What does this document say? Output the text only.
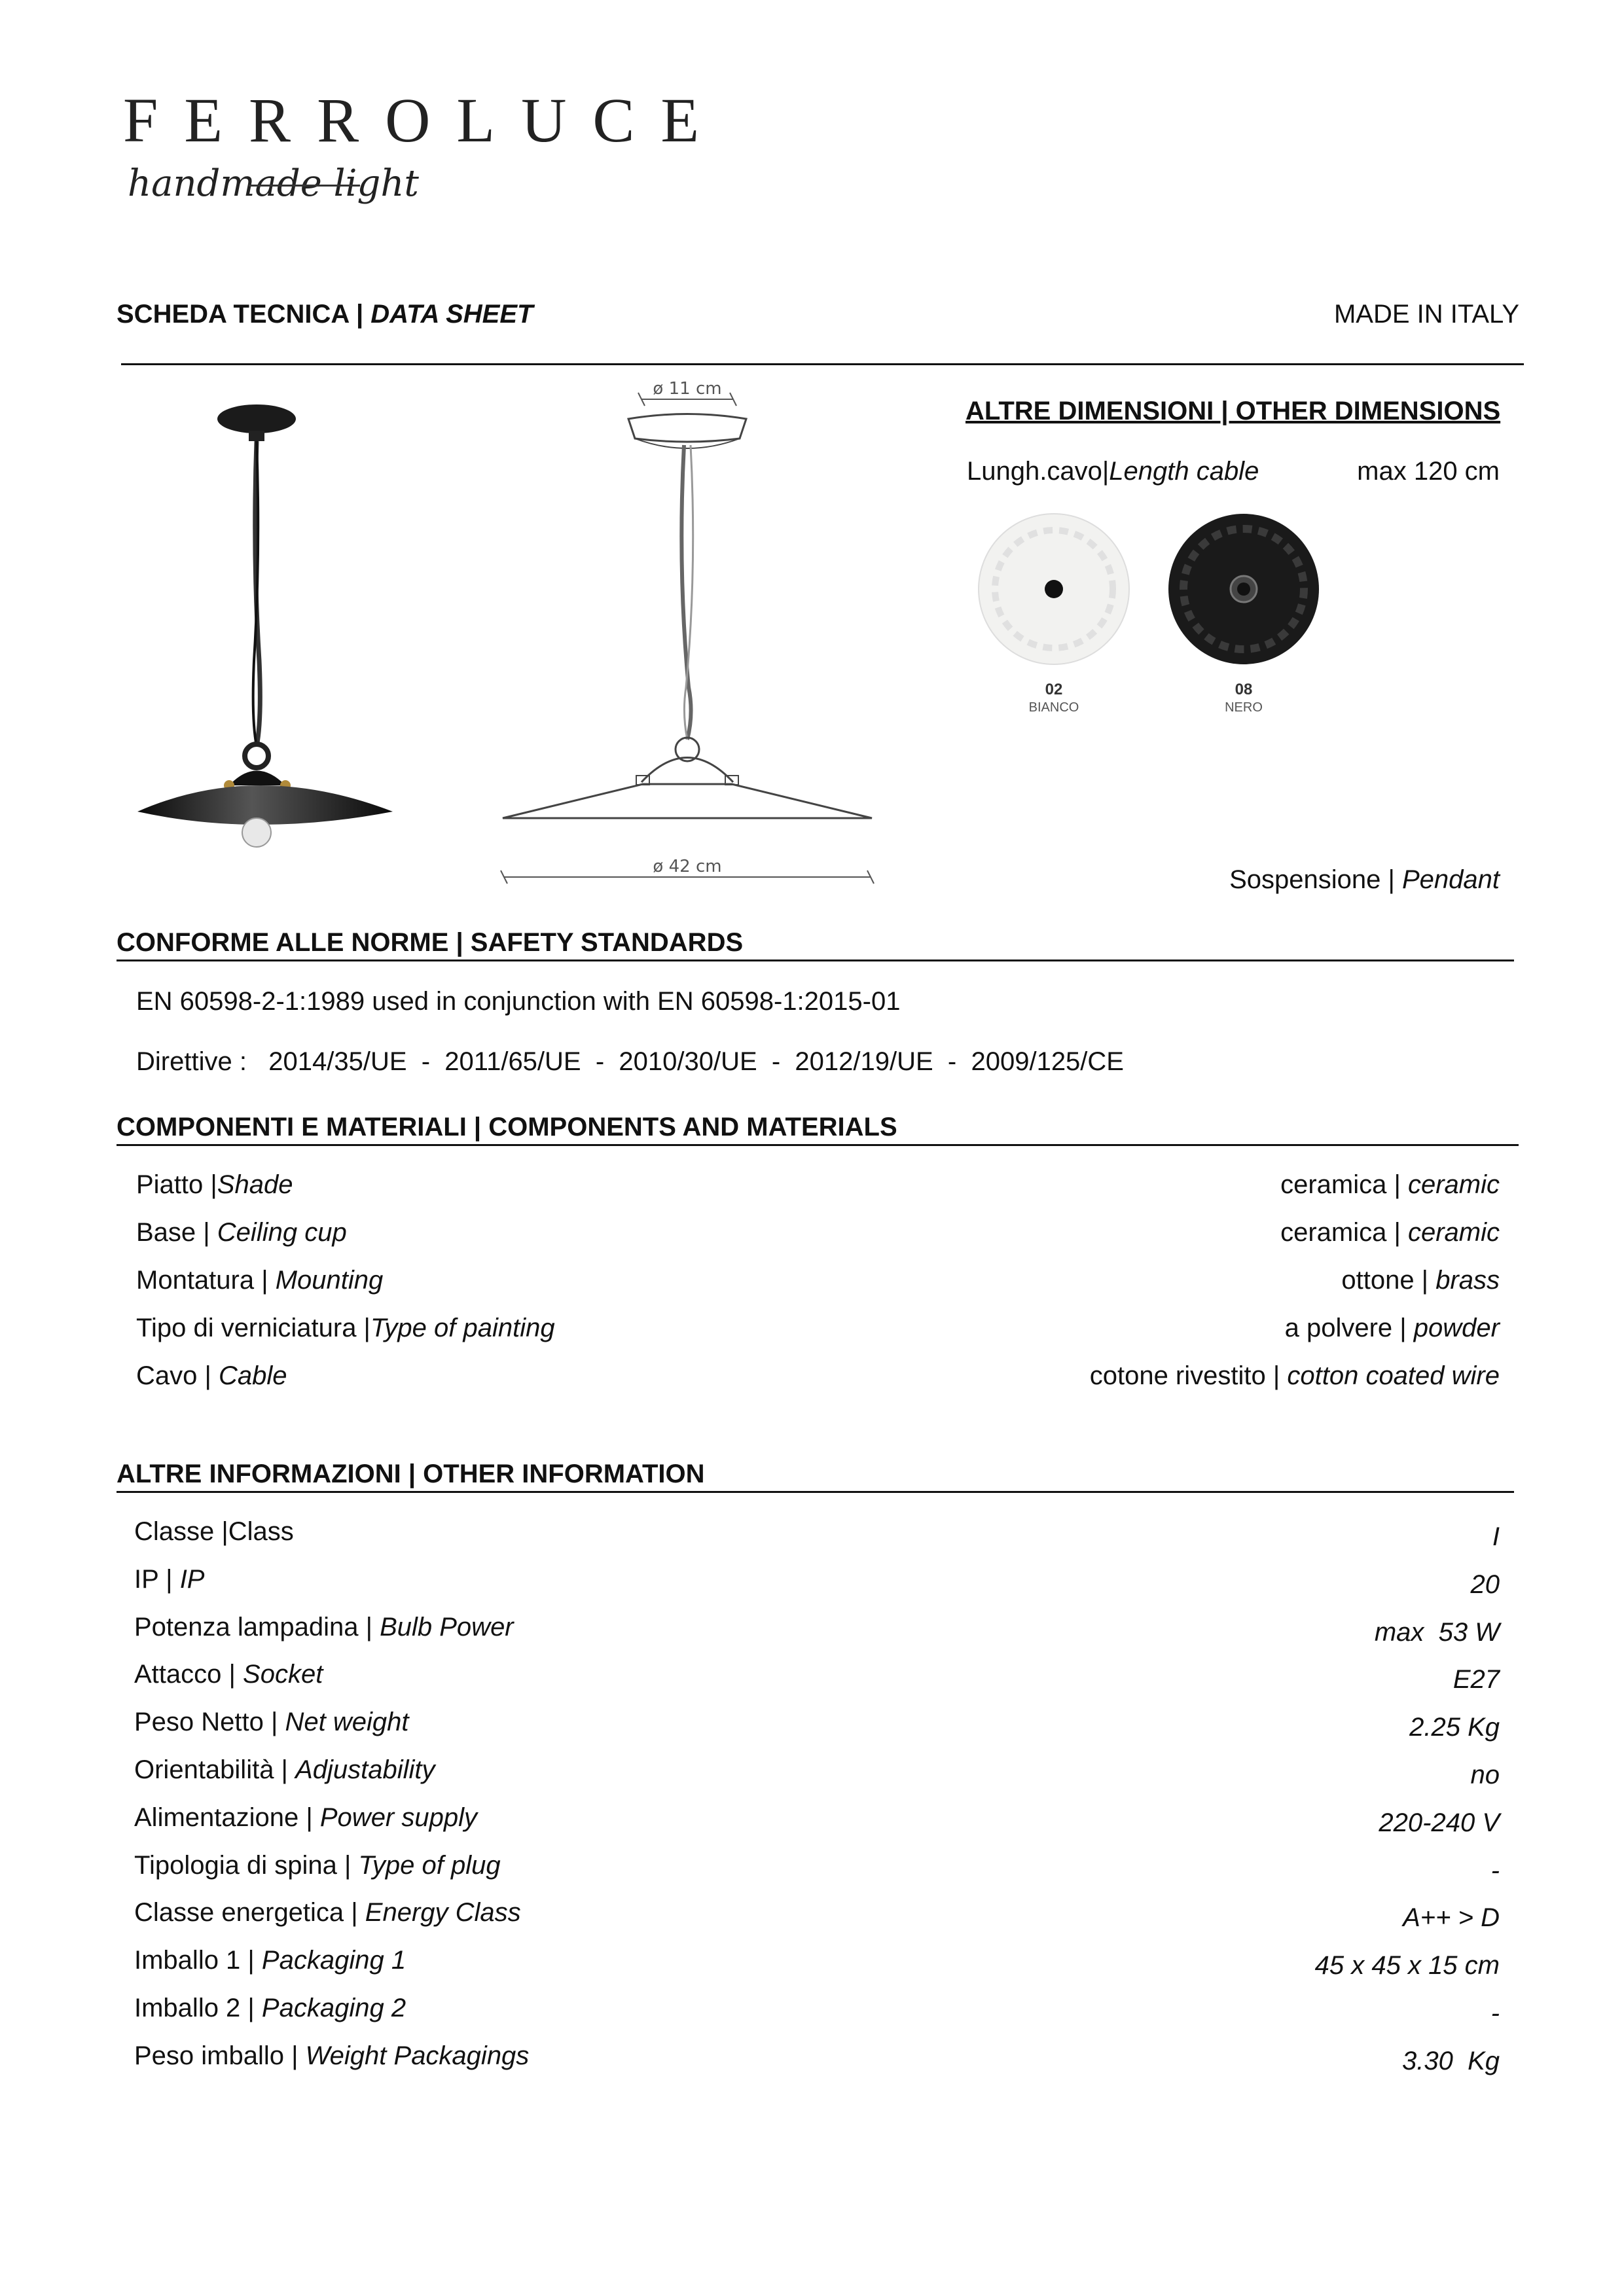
FERROLUCE
handmade light
SCHEDA TECNICA | DATA SHEET	MADE IN ITALY
ø 11 cm
ø 42 cm
ALTRE DIMENSIONI | OTHER DIMENSIONS
Lungh.cavo|Length cable	max 120 cm
02
BIANCO
08
NERO
Sospensione | Pendant
CONFORME ALLE NORME | SAFETY STANDARDS
EN 60598-2-1:1989 used in conjunction with EN 60598-1:2015-01
Direttive :   2014/35/UE  -  2011/65/UE  -  2010/30/UE  -  2012/19/UE  -  2009/125/CE
COMPONENTI E MATERIALI | COMPONENTS AND MATERIALS
Piatto |Shade	ceramica | ceramic
Base | Ceiling cup	ceramica | ceramic
Montatura | Mounting	ottone | brass
Tipo di verniciatura |Type of painting	a polvere | powder
Cavo | Cable	cotone rivestito | cotton coated wire
ALTRE INFORMAZIONI | OTHER INFORMATION
Classe |Class	I
IP | IP	20
Potenza lampadina | Bulb Power	max  53 W
Attacco | Socket	E27
Peso Netto | Net weight	2.25 Kg
Orientabilità | Adjustability	no
Alimentazione | Power supply	220-240 V
Tipologia di spina | Type of plug	-
Classe energetica | Energy Class	A++ > D
Imballo 1 | Packaging 1	45 x 45 x 15 cm
Imballo 2 | Packaging 2	-
Peso imballo | Weight Packagings	3.30  Kg
